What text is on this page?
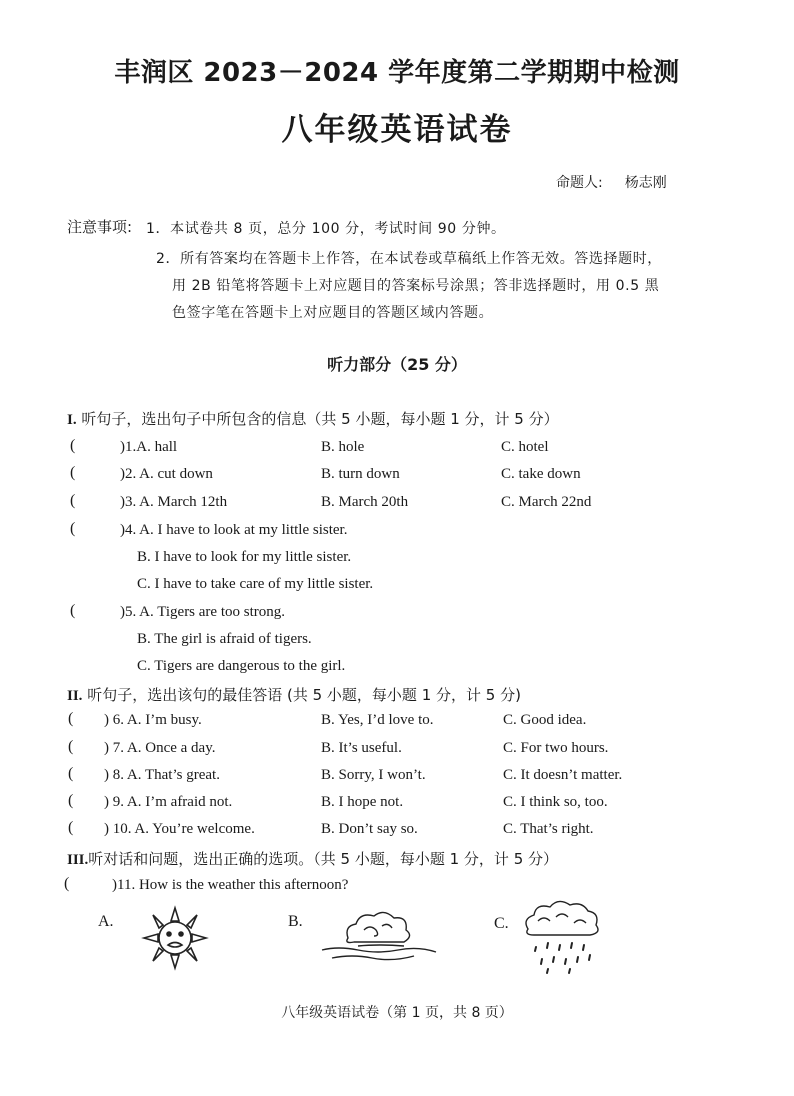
丰润区 2023－2024 学年度第二学期期中检测
八年级英语试卷
命题人: 杨志刚
注意事项: 1．本试卷共 8 页，总分 100 分，考试时间 90 分钟。
2．所有答案均在答题卡上作答，在本试卷或草稿纸上作答无效。答选择题时，
用 2B 铅笔将答题卡上对应题目的答案标号涂黑；答非选择题时，用 0.5 黑
色签字笔在答题卡上对应题目的答题区域内答题。
听力部分（25 分）
I. 听句子，选出句子中所包含的信息（共 5 小题，每小题 1 分，计 5 分）
(	)1.A. hall	B. hole	C. hotel
(	)2. A. cut down	B. turn down	C. take down
(	)3. A. March 12th	B. March 20th	C. March 22nd
(	)4. A. I have to look at my little sister.
B. I have to look for my little sister.
C. I have to take care of my little sister.
(	)5. A. Tigers are too strong.
B. The girl is afraid of tigers.
C. Tigers are dangerous to the girl.
II. 听句子，选出该句的最佳答语 (共 5 小题，每小题 1 分，计 5 分)
( ) 6. A. I’m busy.	B. Yes, I’d love to.	C. Good idea.
( ) 7. A. Once a day.	B. It’s useful.	C. For two hours.
( ) 8. A. That’s great.	B. Sorry, I won’t.	C. It doesn’t matter.
( ) 9. A. I’m afraid not.	B. I hope not.	C. I think so, too.
( ) 10. A. You’re welcome.	B. Don’t say so.	C. That’s right.
III.听对话和问题，选出正确的选项。（共 5 小题，每小题 1 分，计 5 分）
(	)11. How is the weather this afternoon?
A.	B.	C.
八年级英语试卷（第 1 页，共 8 页）
